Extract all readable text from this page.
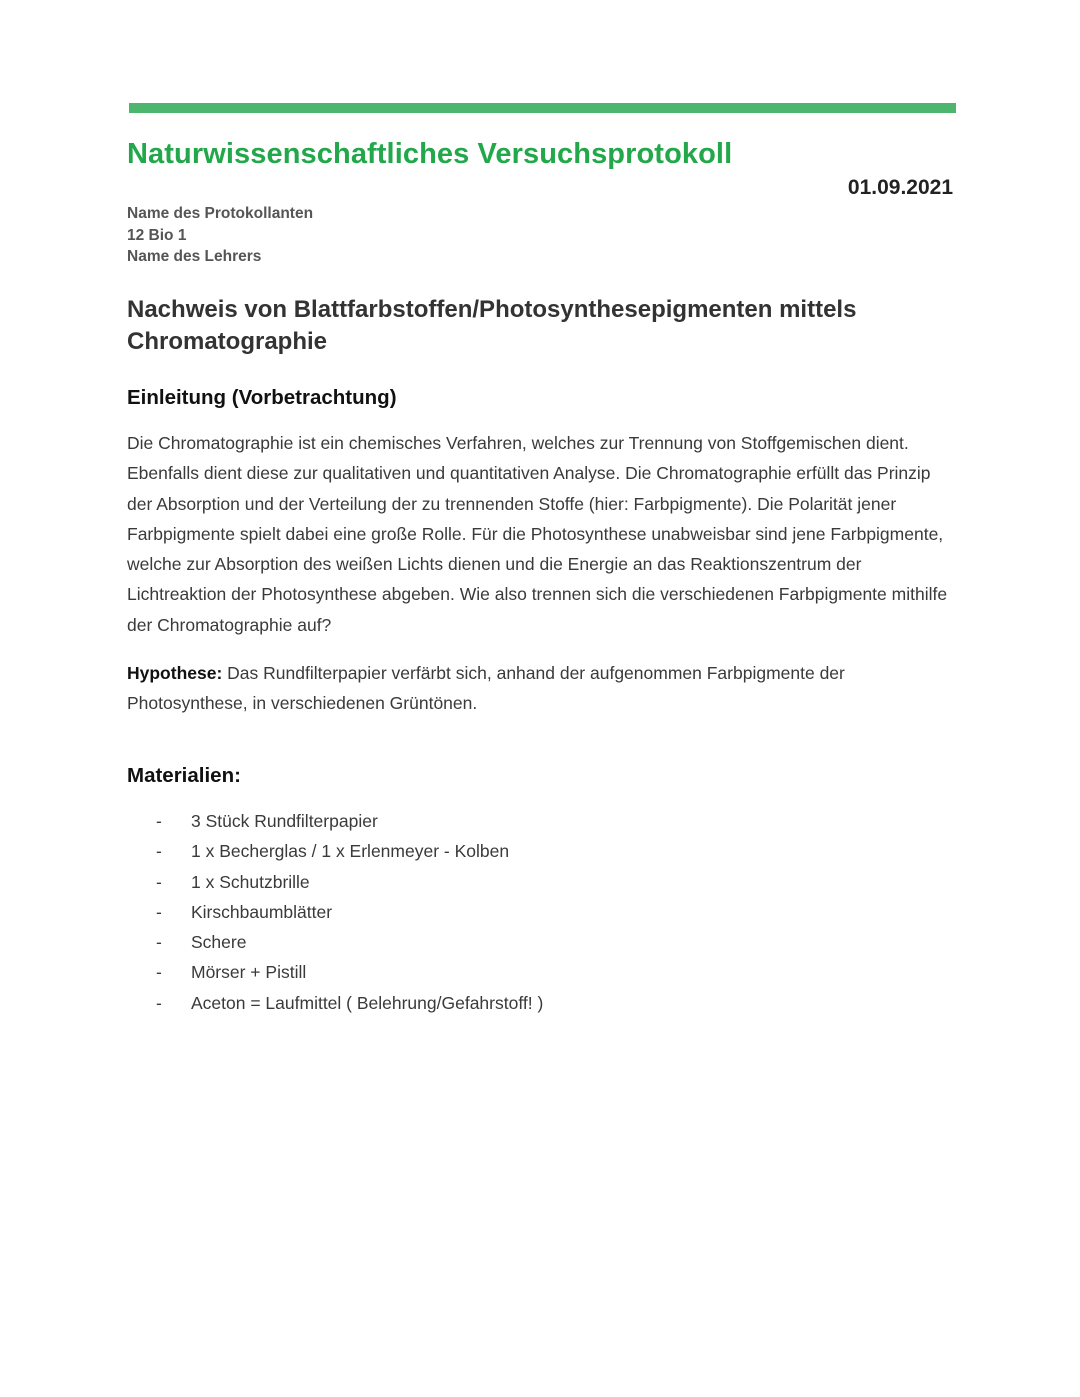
Naturwissenschaftliches Versuchsprotokoll

01.09.2021

Name des Protokollanten
12 Bio 1
Name des Lehrers
Nachweis von Blattfarbstoffen/Photosynthesepigmenten mittels Chromatographie
Einleitung (Vorbetrachtung)

Die Chromatographie ist ein chemisches Verfahren, welches zur Trennung von Stoffgemischen dient. Ebenfalls dient diese zur qualitativen und quantitativen Analyse. Die Chromatographie erfüllt das Prinzip der Absorption und der Verteilung der zu trennenden Stoffe (hier: Farbpigmente). Die Polarität jener Farbpigmente spielt dabei eine große Rolle. Für die Photosynthese unabweisbar sind jene Farbpigmente, welche zur Absorption des weißen Lichts dienen und die Energie an das Reaktionszentrum der Lichtreaktion der Photosynthese abgeben. Wie also trennen sich die verschiedenen Farbpigmente mithilfe der Chromatographie auf?

Hypothese: Das Rundfilterpapier verfärbt sich, anhand der aufgenommen Farbpigmente der Photosynthese, in verschiedenen Grüntönen.

Materialien:
- 3 Stück Rundfilterpapier
- 1 x Becherglas / 1 x Erlenmeyer - Kolben
- 1 x Schutzbrille
- Kirschbaumblätter
- Schere
- Mörser + Pistill
- Aceton = Laufmittel ( Belehrung/Gefahrstoff! )
